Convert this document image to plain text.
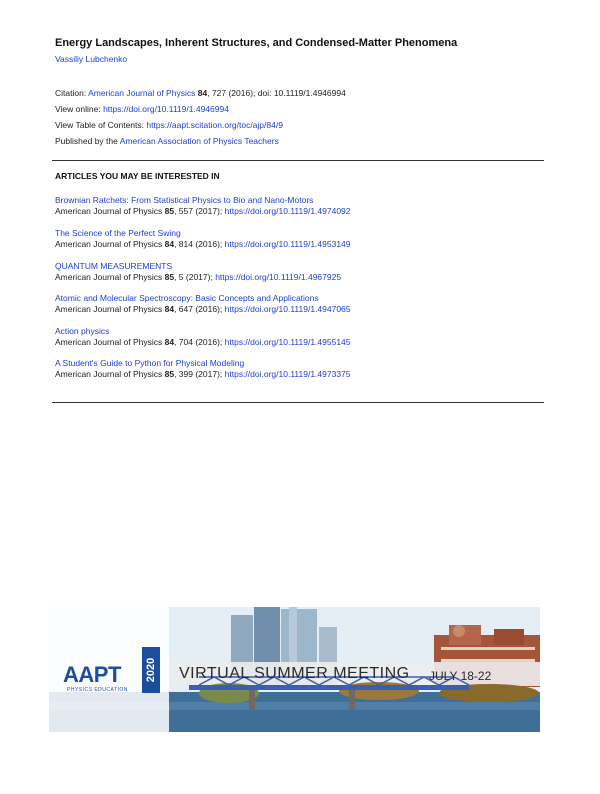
Energy Landscapes, Inherent Structures, and Condensed-Matter Phenomena
Vassiliy Lubchenko
Citation: American Journal of Physics 84, 727 (2016); doi: 10.1119/1.4946994
View online: https://doi.org/10.1119/1.4946994
View Table of Contents: https://aapt.scitation.org/toc/ajp/84/9
Published by the American Association of Physics Teachers
ARTICLES YOU MAY BE INTERESTED IN
Brownian Ratchets: From Statistical Physics to Bio and Nano-Motors
American Journal of Physics 85, 557 (2017); https://doi.org/10.1119/1.4974092
The Science of the Perfect Swing
American Journal of Physics 84, 814 (2016); https://doi.org/10.1119/1.4953149
QUANTUM MEASUREMENTS
American Journal of Physics 85, 5 (2017); https://doi.org/10.1119/1.4967925
Atomic and Molecular Spectroscopy: Basic Concepts and Applications
American Journal of Physics 84, 647 (2016); https://doi.org/10.1119/1.4947065
Action physics
American Journal of Physics 84, 704 (2016); https://doi.org/10.1119/1.4955145
A Student's Guide to Python for Physical Modeling
American Journal of Physics 85, 399 (2017); https://doi.org/10.1119/1.4973375
AAPT
PHYSICS EDUCATION
2020 VIRTUAL SUMMER MEETING JULY 18-22
